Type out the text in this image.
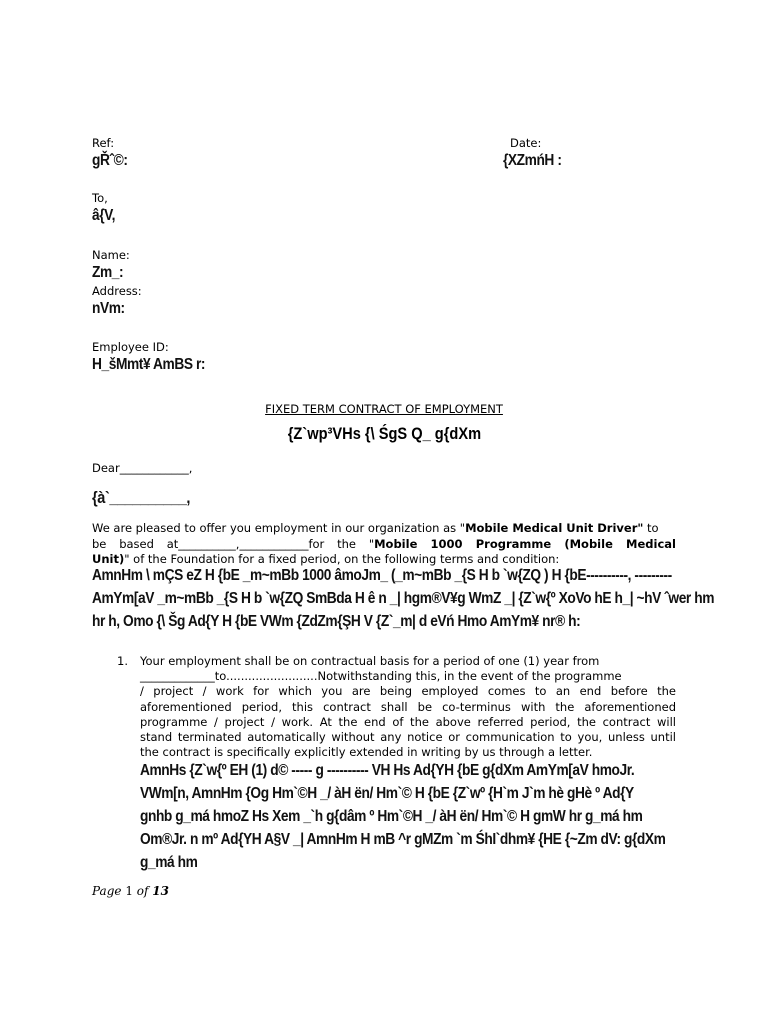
Ref:
gŘˆ©:
Date:
{XZmńH :
To,
â{V,
Name:
Zm_:
Address:
nVm:
Employee ID:
H_šMmt¥ AmBS r:
FIXED TERM CONTRACT OF EMPLOYMENT
{Z`wp³VHs {\ ŚgS Q_ g{dXm
Dear____________,
{à`__________,
We are pleased to offer you employment in our organization as "Mobile Medical Unit Driver" to
be based at__________,____________for the "Mobile 1000 Programme (Mobile Medical
Unit)" of the Foundation for a fixed period, on the following terms and condition:
AmnHm \ mÇS eZ H {bE _m~mBb 1000 âmoJm_ (_m~mBb _{S H b `w{ZQ ) H {bE----------, ---------
AmYm[aV _m~mBb _{S H b `w{ZQ SmBda H ê n _| hgm®V¥g WmZ _| {Z`w{º XoVo hE h_| ~hV ˆwer hm
hr h, Omo {\ Šg Ad{Y H {bE VWm {ZdZm{ŞH V {Z`_m| d eVń Hmo AmYm¥ nr® h:
1. Your employment shall be on contractual basis for a period of one (1) year from
_____________to.........................Notwithstanding this, in the event of the programme
/ project / work for which you are being employed comes to an end before the
aforementioned period, this contract shall be co-terminus with the aforementioned
programme / project / work. At the end of the above referred period, the contract will
stand terminated automatically without any notice or communication to you, unless until
the contract is specifically explicitly extended in writing by us through a letter.
AmnHs {Z`w{º EH (1) d© ----- g ---------- VH Hs Ad{YH {bE g{dXm AmYm[aV hmoJr.
VWm[n, AmnHm {Og Hm`©H _/ àH ën/ Hm`© H {bE {Z`wº {H`m J`m hè gHè º Ad{Y
gnhb g_má hmoZ Hs Xem _`h g{dâm º Hm`©H _/ àH ën/ Hm`© H gmW hr g_má hm
Om®Jr. n mº Ad{YH A§V _| AmnHm H mB ^r gMZm `m ŚhI`dhm¥ {HE {~Zm dV: g{dXm
g_má hm
Page 1 of 13
